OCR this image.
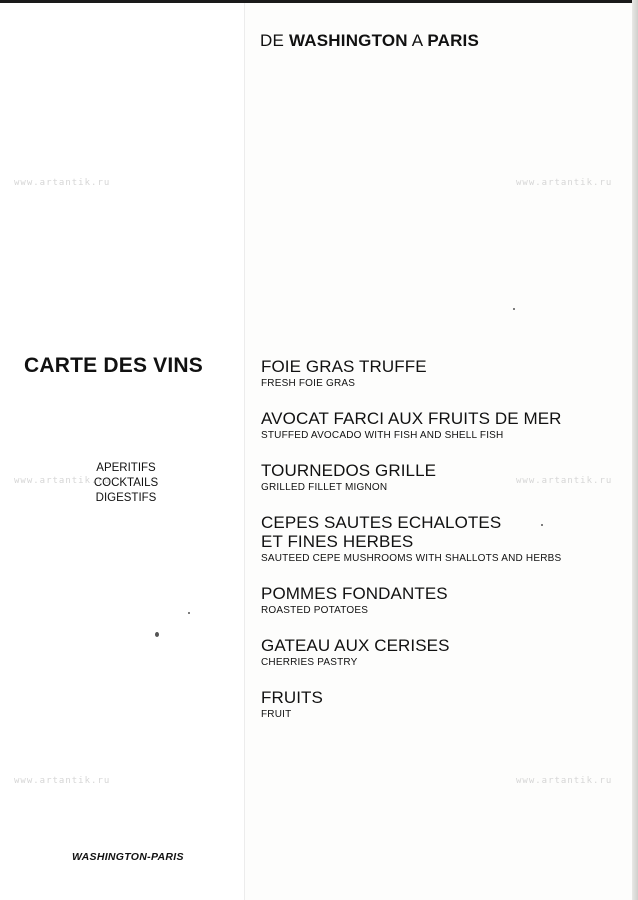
www.artantik.ru	www.artantik.ru
www.artantik.ru	www.artantik.ru
www.artantik.ru	www.artantik.ru
DE WASHINGTON A PARIS
CARTE DES VINS
APERITIFS
COCKTAILS
DIGESTIFS
WASHINGTON-PARIS
FOIE GRAS TRUFFE
FRESH FOIE GRAS
AVOCAT FARCI AUX FRUITS DE MER
STUFFED AVOCADO WITH FISH AND SHELL FISH
TOURNEDOS GRILLE
GRILLED FILLET MIGNON
CEPES SAUTES ECHALOTES
ET FINES HERBES
SAUTEED CEPE MUSHROOMS WITH SHALLOTS AND HERBS
POMMES FONDANTES
ROASTED POTATOES
GATEAU AUX CERISES
CHERRIES PASTRY
FRUITS
FRUIT
